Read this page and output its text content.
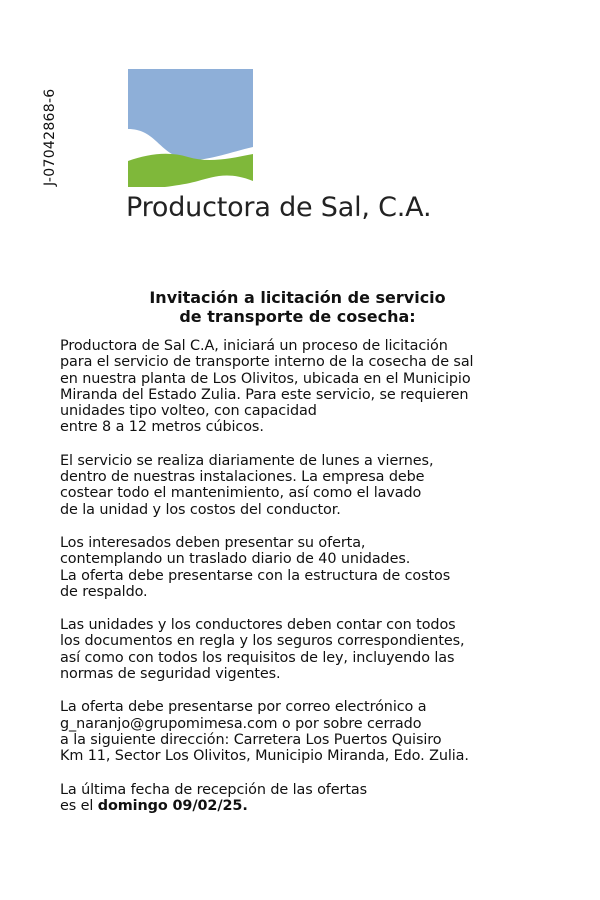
J-07042868-6
Productora de Sal, C.A.
Invitación a licitación de servicio
de transporte de cosecha:
Productora de Sal C.A, iniciará un proceso de licitación
para el servicio de transporte interno de la cosecha de sal
en nuestra planta de Los Olivitos, ubicada en el Municipio
Miranda del Estado Zulia. Para este servicio, se requieren
unidades tipo volteo, con capacidad
entre 8 a 12 metros cúbicos.
El servicio se realiza diariamente de lunes a viernes,
dentro de nuestras instalaciones. La empresa debe
costear todo el mantenimiento, así como el lavado
de la unidad y los costos del conductor.
Los interesados deben presentar su oferta,
contemplando un traslado diario de 40 unidades.
La oferta debe presentarse con la estructura de costos
de respaldo.
Las unidades y los conductores deben contar con todos
los documentos en regla y los seguros correspondientes,
así como con todos los requisitos de ley, incluyendo las
normas de seguridad vigentes.
La oferta debe presentarse por correo electrónico a
g_naranjo@grupomimesa.com o por sobre cerrado
a la siguiente dirección: Carretera Los Puertos Quisiro
Km 11, Sector Los Olivitos, Municipio Miranda, Edo. Zulia.
La última fecha de recepción de las ofertas
es el domingo 09/02/25.
